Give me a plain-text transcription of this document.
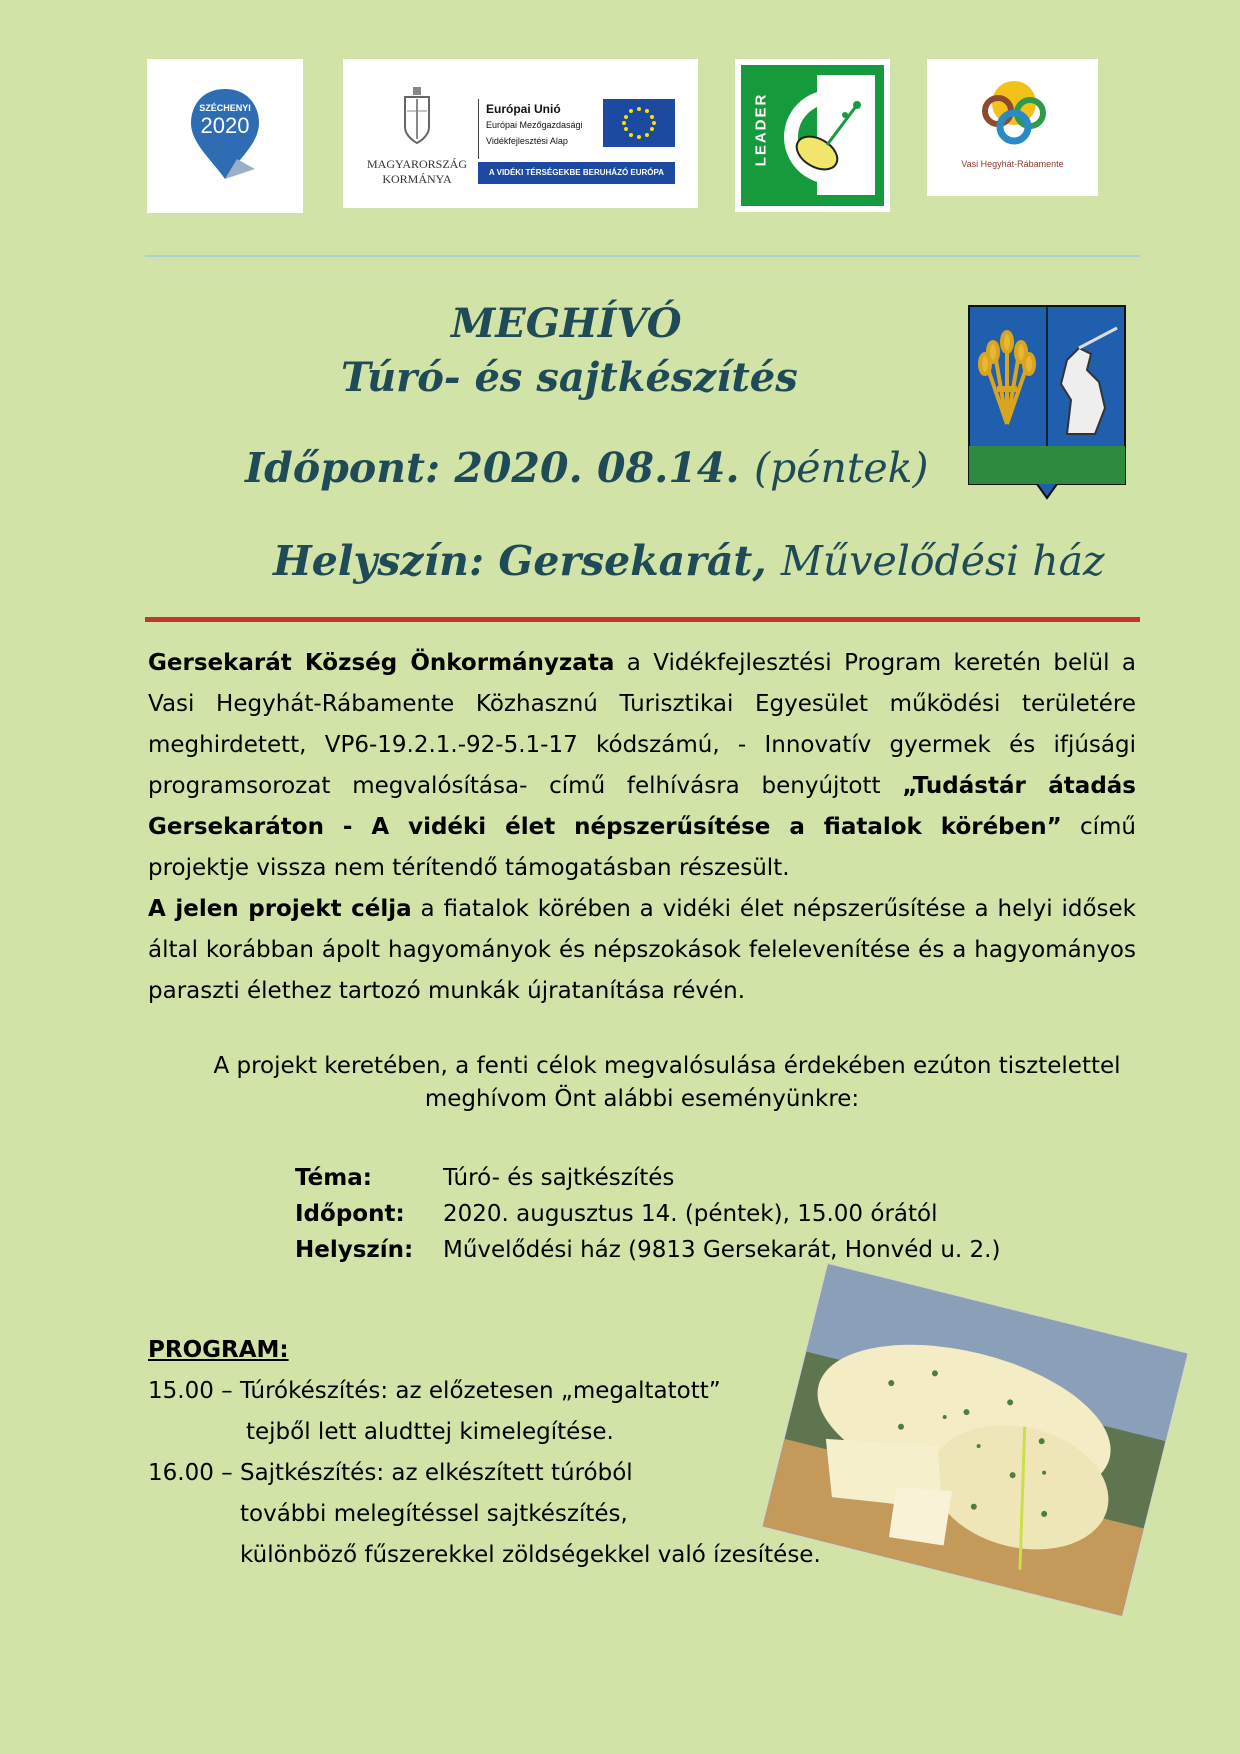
SZÉCHENYI
2020
MAGYARORSZÁG
KORMÁNYA
Európai Unió
Európai Mezőgazdasági
Vidékfejlesztési Alap
A VIDÉKI TÉRSÉGEKBE BERUHÁZÓ EURÓPA
LEADER	Vasi Hegyhát-Rábamente
MEGHÍVÓ
Túró- és sajtkészítés
Időpont: 2020. 08.14. (péntek)
Helyszín: Gersekarát, Művelődési ház

Gersekarát Község Önkormányzata a Vidékfejlesztési Program keretén belül a Vasi Hegyhát-Rábamente Közhasznú Turisztikai Egyesület működési területére meghirdetett, VP6-19.2.1.-92-5.1-17 kódszámú, - Innovatív gyermek és ifjúsági programsorozat megvalósítása- című felhívásra benyújtott „Tudástár átadás Gersekaráton - A vidéki élet népszerűsítése a fiatalok körében” című projektje vissza nem térítendő támogatásban részesült.

A jelen projekt célja a fiatalok körében a vidéki élet népszerűsítése a helyi idősek által korábban ápolt hagyományok és népszokások felelevenítése és a hagyományos paraszti élethez tartozó munkák újratanítása révén.

A projekt keretében, a fenti célok megvalósulása érdekében ezúton tisztelettel
meghívom Önt alábbi eseményünkre:
Téma:	Túró- és sajtkészítés
Időpont:	2020. augusztus 14. (péntek), 15.00 órától
Helyszín:	Művelődési ház (9813 Gersekarát, Honvéd u. 2.)
PROGRAM:
15.00 – Túrókészítés: az előzetesen „megaltatott”
tejből lett aludttej kimelegítése.
16.00 – Sajtkészítés: az elkészített túróból
további melegítéssel sajtkészítés,
különböző fűszerekkel zöldségekkel való ízesítése.
